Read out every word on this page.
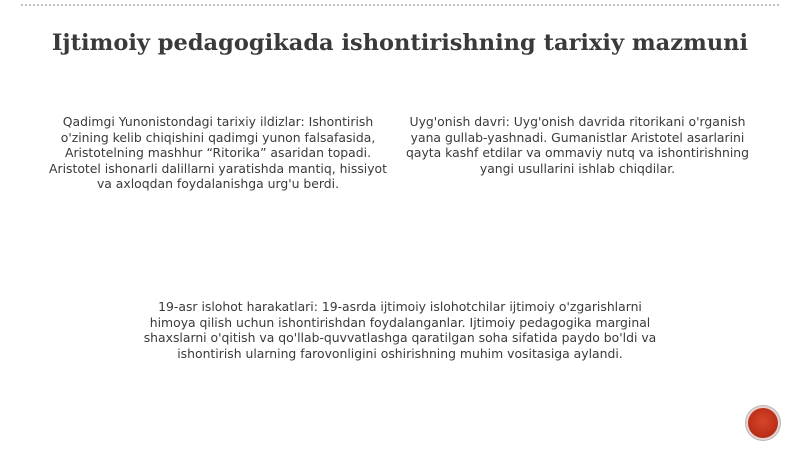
Ijtimoiy pedagogikada ishontirishning tarixiy mazmuni
Qadimgi Yunonistondagi tarixiy ildizlar: Ishontirish o'zining kelib chiqishini qadimgi yunon falsafasida, Aristotelning mashhur “Ritorika” asaridan topadi. Aristotel ishonarli dalillarni yaratishda mantiq, hissiyot va axloqdan foydalanishga urg'u berdi.
Uyg'onish davri: Uyg'onish davrida ritorikani o'rganish yana gullab-yashnadi. Gumanistlar Aristotel asarlarini qayta kashf etdilar va ommaviy nutq va ishontirishning yangi usullarini ishlab chiqdilar.
19-asr islohot harakatlari: 19-asrda ijtimoiy islohotchilar ijtimoiy o'zgarishlarni himoya qilish uchun ishontirishdan foydalanganlar. Ijtimoiy pedagogika marginal shaxslarni o'qitish va qo'llab-quvvatlashga qaratilgan soha sifatida paydo bo'ldi va ishontirish ularning farovonligini oshirishning muhim vositasiga aylandi.
